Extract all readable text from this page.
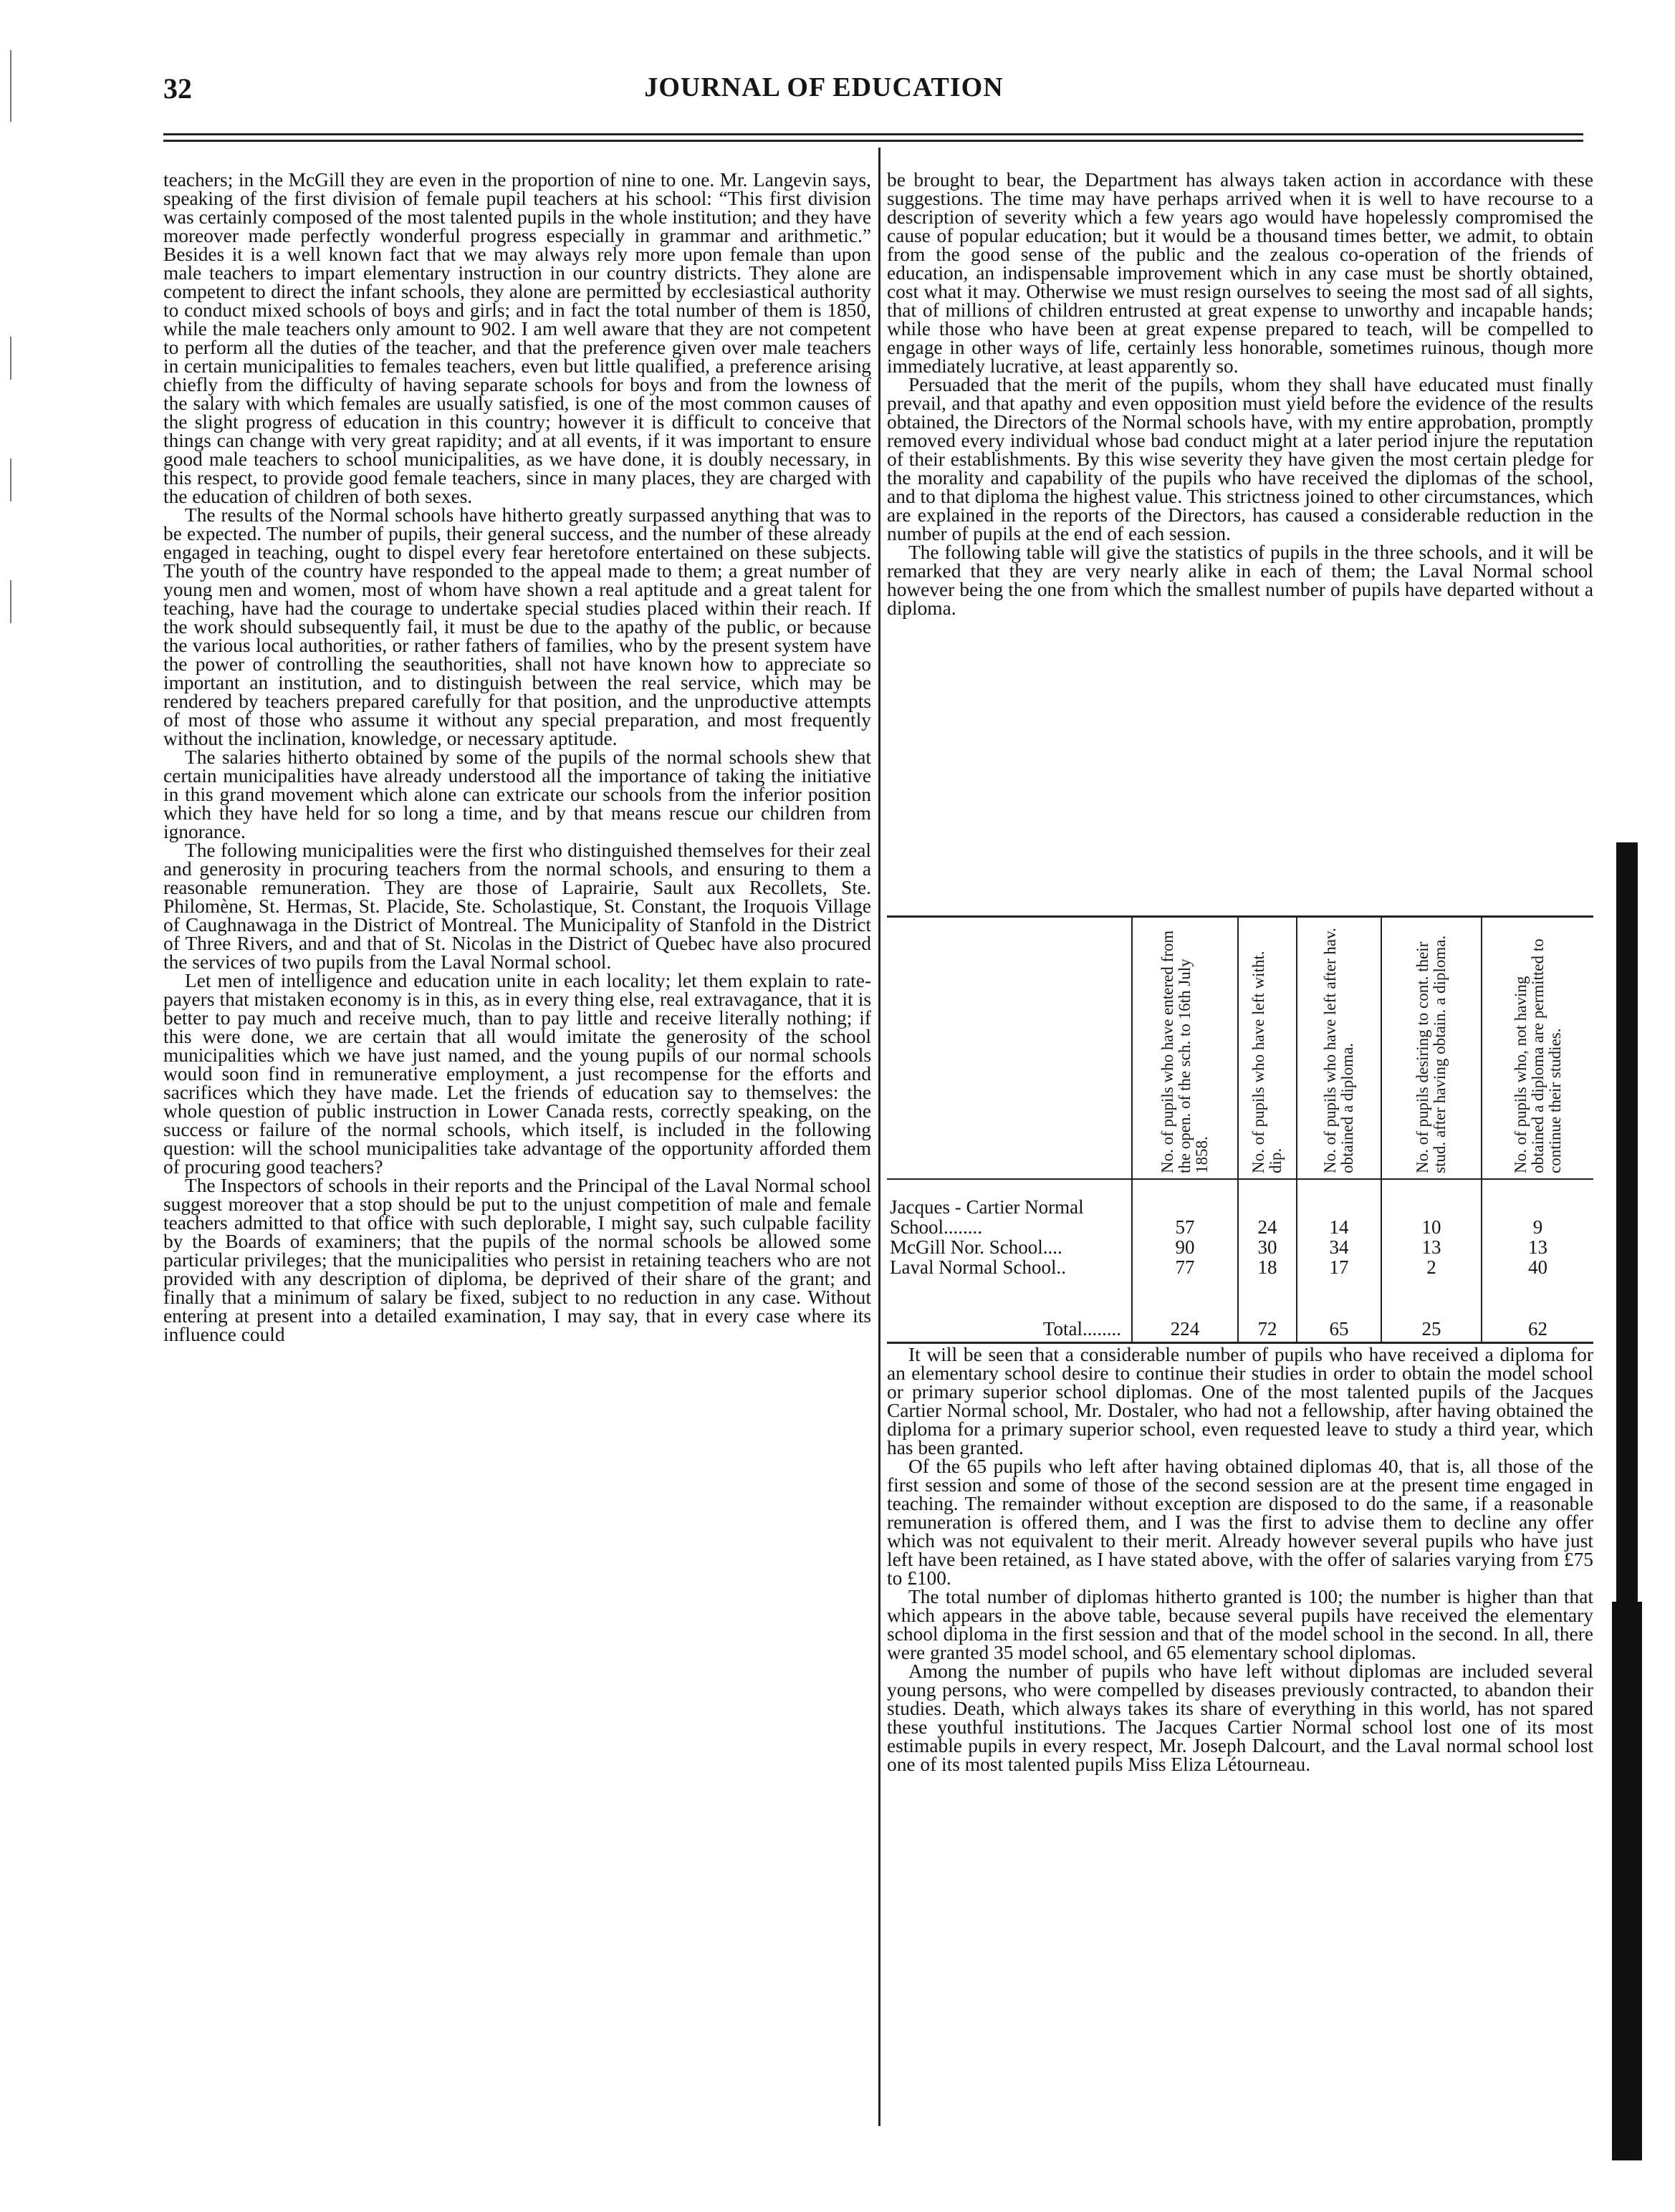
32	JOURNAL OF EDUCATION

teachers; in the McGill they are even in the proportion of nine to one. Mr. Langevin says, speaking of the first division of female pupil teachers at his school: “This first division was certainly composed of the most talented pupils in the whole institution; and they have moreover made perfectly wonderful progress especially in grammar and arithmetic.” Besides it is a well known fact that we may always rely more upon female than upon male teachers to impart elementary instruction in our country districts. They alone are competent to direct the infant schools, they alone are permitted by ecclesiastical authority to conduct mixed schools of boys and girls; and in fact the total number of them is 1850, while the male teachers only amount to 902. I am well aware that they are not competent to perform all the duties of the teacher, and that the preference given over male teachers in certain municipalities to females teachers, even but little qualified, a preference arising chiefly from the difficulty of having separate schools for boys and from the lowness of the salary with which females are usually satisfied, is one of the most common causes of the slight progress of education in this country; however it is difficult to conceive that things can change with very great rapidity; and at all events, if it was important to ensure good male teachers to school municipalities, as we have done, it is doubly necessary, in this respect, to provide good female teachers, since in many places, they are charged with the education of children of both sexes.

The results of the Normal schools have hitherto greatly surpassed anything that was to be expected. The number of pupils, their general success, and the number of these already engaged in teaching, ought to dispel every fear heretofore entertained on these subjects. The youth of the country have responded to the appeal made to them; a great number of young men and women, most of whom have shown a real aptitude and a great talent for teaching, have had the courage to undertake special studies placed within their reach. If the work should subsequently fail, it must be due to the apathy of the public, or because the various local authorities, or rather fathers of families, who by the present system have the power of controlling the seauthorities, shall not have known how to appreciate so important an institution, and to distinguish between the real service, which may be rendered by teachers prepared carefully for that position, and the unproductive attempts of most of those who assume it without any special preparation, and most frequently without the inclination, knowledge, or necessary aptitude.

The salaries hitherto obtained by some of the pupils of the normal schools shew that certain municipalities have already understood all the importance of taking the initiative in this grand movement which alone can extricate our schools from the inferior position which they have held for so long a time, and by that means rescue our children from ignorance.

The following municipalities were the first who distinguished themselves for their zeal and generosity in procuring teachers from the normal schools, and ensuring to them a reasonable remuneration. They are those of Laprairie, Sault aux Recollets, Ste. Philomène, St. Hermas, St. Placide, Ste. Scholastique, St. Constant, the Iroquois Village of Caughnawaga in the District of Montreal. The Municipality of Stanfold in the District of Three Rivers, and and that of St. Nicolas in the District of Quebec have also procured the services of two pupils from the Laval Normal school.

Let men of intelligence and education unite in each locality; let them explain to rate-payers that mistaken economy is in this, as in every thing else, real extravagance, that it is better to pay much and receive much, than to pay little and receive literally nothing; if this were done, we are certain that all would imitate the generosity of the school municipalities which we have just named, and the young pupils of our normal schools would soon find in remunerative employment, a just recompense for the efforts and sacrifices which they have made. Let the friends of education say to themselves: the whole question of public instruction in Lower Canada rests, correctly speaking, on the success or failure of the normal schools, which itself, is included in the following question: will the school municipalities take advantage of the opportunity afforded them of procuring good teachers?

The Inspectors of schools in their reports and the Principal of the Laval Normal school suggest moreover that a stop should be put to the unjust competition of male and female teachers admitted to that office with such deplorable, I might say, such culpable facility by the Boards of examiners; that the pupils of the normal schools be allowed some particular privileges; that the municipalities who persist in retaining teachers who are not provided with any description of diploma, be deprived of their share of the grant; and finally that a minimum of salary be fixed, subject to no reduction in any case. Without entering at present into a detailed examination, I may say, that in every case where its influence could

be brought to bear, the Department has always taken action in accordance with these suggestions. The time may have perhaps arrived when it is well to have recourse to a description of severity which a few years ago would have hopelessly compromised the cause of popular education; but it would be a thousand times better, we admit, to obtain from the good sense of the public and the zealous co-operation of the friends of education, an indispensable improvement which in any case must be shortly obtained, cost what it may. Otherwise we must resign ourselves to seeing the most sad of all sights, that of millions of children entrusted at great expense to unworthy and incapable hands; while those who have been at great expense prepared to teach, will be compelled to engage in other ways of life, certainly less honorable, sometimes ruinous, though more immediately lucrative, at least apparently so.

Persuaded that the merit of the pupils, whom they shall have educated must finally prevail, and that apathy and even opposition must yield before the evidence of the results obtained, the Directors of the Normal schools have, with my entire approbation, promptly removed every individual whose bad conduct might at a later period injure the reputation of their establishments. By this wise severity they have given the most certain pledge for the morality and capability of the pupils who have received the diplomas of the school, and to that diploma the highest value. This strictness joined to other circumstances, which are explained in the reports of the Directors, has caused a considerable reduction in the number of pupils at the end of each session.

The following table will give the statistics of pupils in the three schools, and it will be remarked that they are very nearly alike in each of them; the Laval Normal school however being the one from which the smallest number of pupils have departed without a diploma.

	No. of pupils who have entered from the open. of the sch. to 16th July 1858.	No. of pupils who have left witht. dip.	No. of pupils who have left after hav. obtained a diploma.	No. of pupils desiring to cont. their stud. after having obtain. a diploma.	No. of pupils who, not having obtained a diploma are permitted to continue their studies.

Jacques - Cartier Normal School........	57	24	14	10	9
McGill Nor. School....	90	30	34	13	13
Laval Normal School..	77	18	17	2	40
Total........	224	72	65	25	62

It will be seen that a considerable number of pupils who have received a diploma for an elementary school desire to continue their studies in order to obtain the model school or primary superior school diplomas. One of the most talented pupils of the Jacques Cartier Normal school, Mr. Dostaler, who had not a fellowship, after having obtained the diploma for a primary superior school, even requested leave to study a third year, which has been granted.

Of the 65 pupils who left after having obtained diplomas 40, that is, all those of the first session and some of those of the second session are at the present time engaged in teaching. The remainder without exception are disposed to do the same, if a reasonable remuneration is offered them, and I was the first to advise them to decline any offer which was not equivalent to their merit. Already however several pupils who have just left have been retained, as I have stated above, with the offer of salaries varying from £75 to £100.

The total number of diplomas hitherto granted is 100; the number is higher than that which appears in the above table, because several pupils have received the elementary school diploma in the first session and that of the model school in the second. In all, there were granted 35 model school, and 65 elementary school diplomas.

Among the number of pupils who have left without diplomas are included several young persons, who were compelled by diseases previously contracted, to abandon their studies. Death, which always takes its share of everything in this world, has not spared these youthful institutions. The Jacques Cartier Normal school lost one of its most estimable pupils in every respect, Mr. Joseph Dalcourt, and the Laval normal school lost one of its most talented pupils Miss Eliza Létourneau.
